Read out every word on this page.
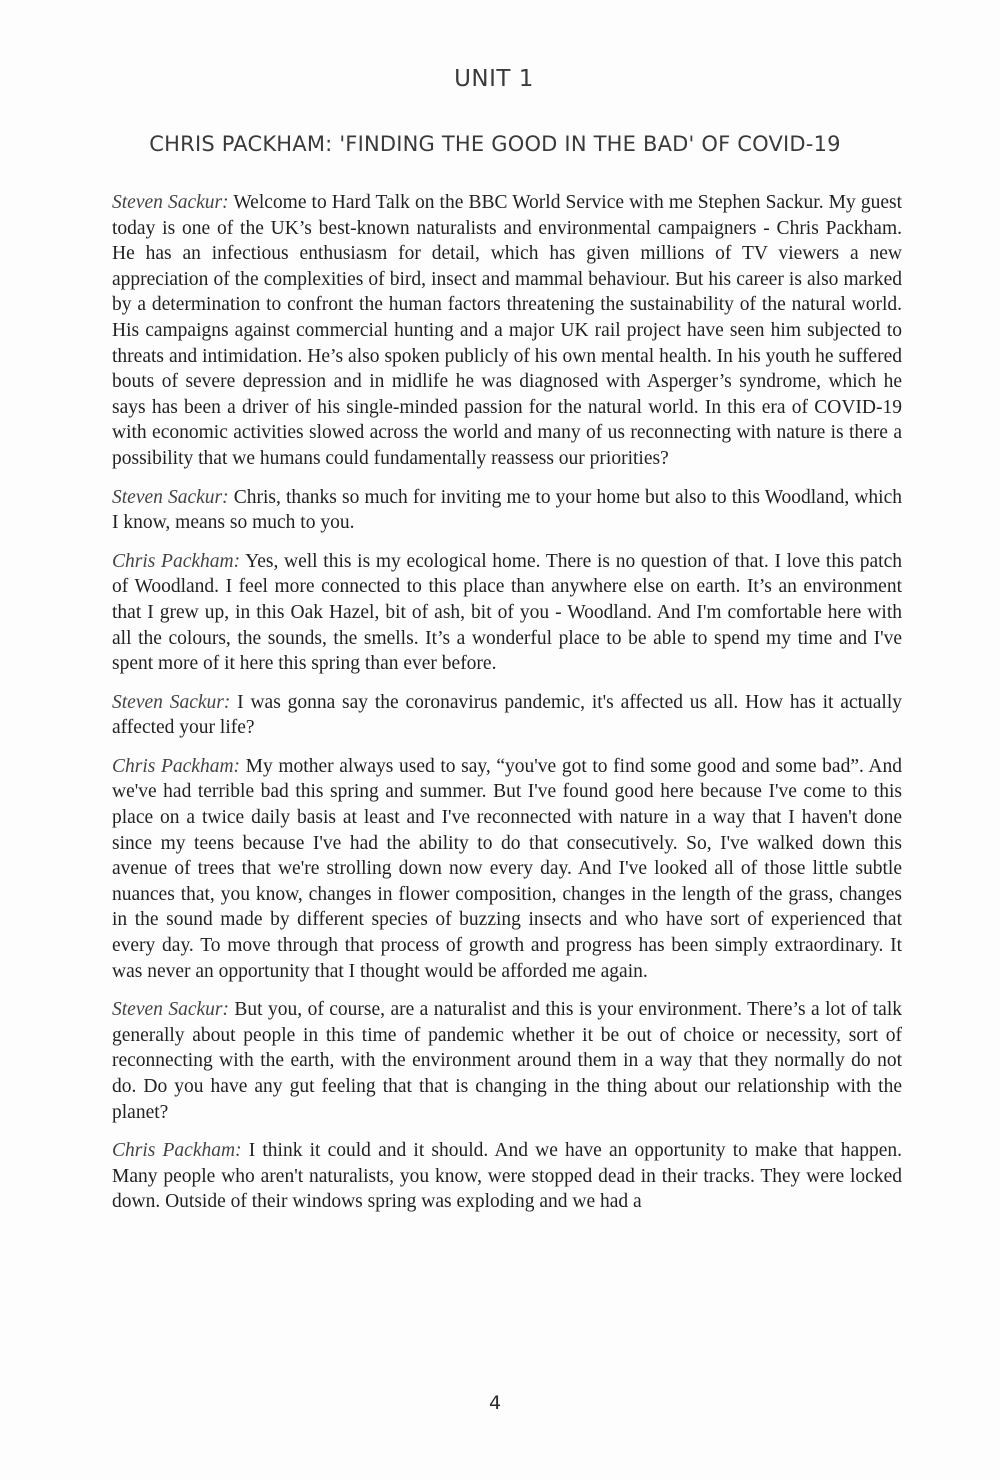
UNIT 1
CHRIS PACKHAM: 'FINDING THE GOOD IN THE BAD' OF COVID-19

Steven Sackur: Welcome to Hard Talk on the BBC World Service with me Stephen Sackur. My guest today is one of the UK’s best-known naturalists and environmental campaigners - Chris Packham. He has an infectious enthusiasm for detail, which has given millions of TV viewers a new appreciation of the complexities of bird, insect and mammal behaviour. But his career is also marked by a determination to confront the human factors threatening the sustainability of the natural world. His campaigns against commercial hunting and a major UK rail project have seen him subjected to threats and intimidation. He’s also spoken publicly of his own mental health. In his youth he suffered bouts of severe depression and in midlife he was diagnosed with Asperger’s syndrome, which he says has been a driver of his single-minded passion for the natural world. In this era of COVID-19 with economic activities slowed across the world and many of us reconnecting with nature is there a possibility that we humans could fundamentally reassess our priorities?

Steven Sackur: Chris, thanks so much for inviting me to your home but also to this Woodland, which I know, means so much to you.

Chris Packham: Yes, well this is my ecological home. There is no question of that. I love this patch of Woodland. I feel more connected to this place than anywhere else on earth. It’s an environment that I grew up, in this Oak Hazel, bit of ash, bit of you - Woodland. And I'm comfortable here with all the colours, the sounds, the smells. It’s a wonderful place to be able to spend my time and I've spent more of it here this spring than ever before.

Steven Sackur: I was gonna say the coronavirus pandemic, it's affected us all. How has it actually affected your life?

Chris Packham: My mother always used to say, “you've got to find some good and some bad”. And we've had terrible bad this spring and summer. But I've found good here because I've come to this place on a twice daily basis at least and I've reconnected with nature in a way that I haven't done since my teens because I've had the ability to do that consecutively. So, I've walked down this avenue of trees that we're strolling down now every day. And I've looked all of those little subtle nuances that, you know, changes in flower composition, changes in the length of the grass, changes in the sound made by different species of buzzing insects and who have sort of experienced that every day. To move through that process of growth and progress has been simply extraordinary. It was never an opportunity that I thought would be afforded me again.

Steven Sackur: But you, of course, are a naturalist and this is your environment. There’s a lot of talk generally about people in this time of pandemic whether it be out of choice or necessity, sort of reconnecting with the earth, with the environment around them in a way that they normally do not do. Do you have any gut feeling that that is changing in the thing about our relationship with the planet?

Chris Packham: I think it could and it should. And we have an opportunity to make that happen. Many people who aren't naturalists, you know, were stopped dead in their tracks. They were locked down. Outside of their windows spring was exploding and we had a

4
